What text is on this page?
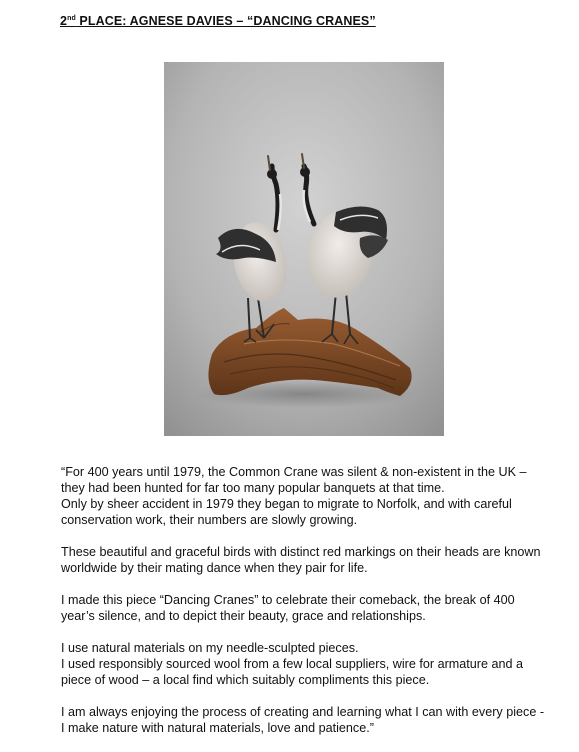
2nd PLACE: AGNESE DAVIES – “DANCING CRANES”

“For 400 years until 1979, the Common Crane was silent & non-existent in the UK – they had been hunted for far too many popular banquets at that time.

Only by sheer accident in 1979 they began to migrate to Norfolk, and with careful conservation work, their numbers are slowly growing.

These beautiful and graceful birds with distinct red markings on their heads are known worldwide by their mating dance when they pair for life.

I made this piece “Dancing Cranes” to celebrate their comeback, the break of 400 year’s silence, and to depict their beauty, grace and relationships.

I use natural materials on my needle-sculpted pieces.

I used responsibly sourced wool from a few local suppliers, wire for armature and a piece of wood – a local find which suitably compliments this piece.

I am always enjoying the process of creating and learning what I can with every piece - I make nature with natural materials, love and patience.”
